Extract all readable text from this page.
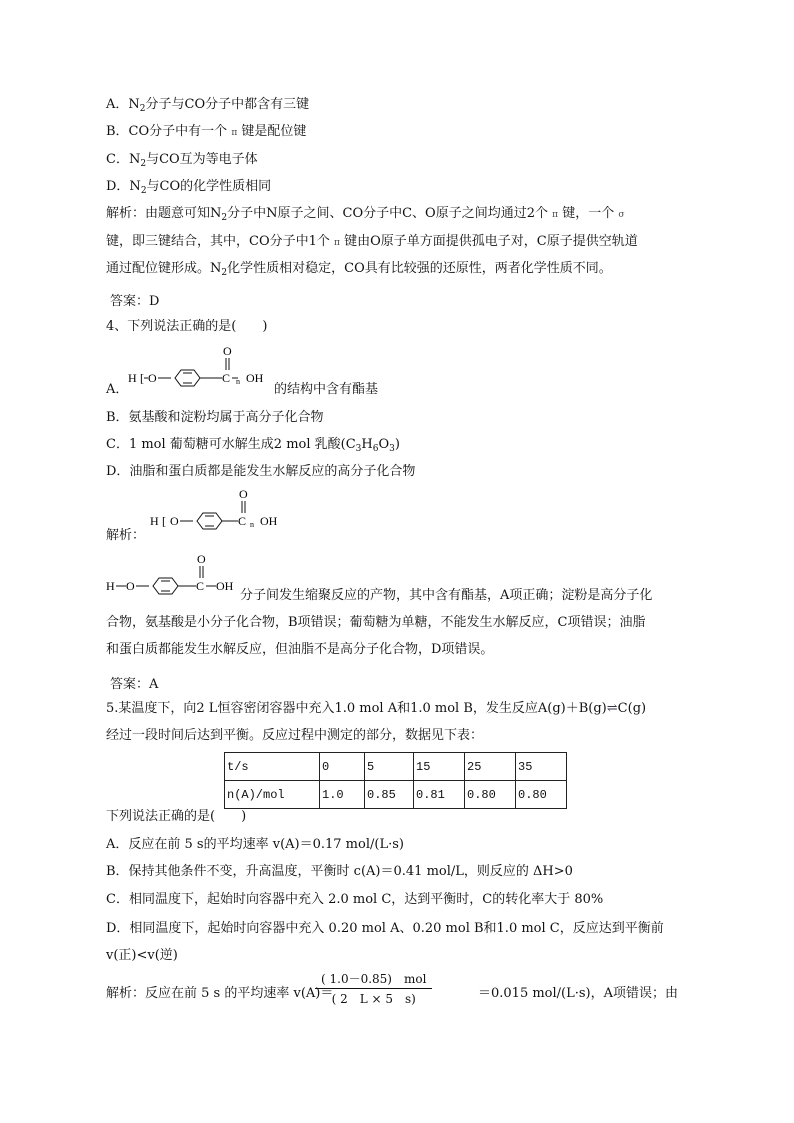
A．$N_2$分子与CO分子中都含有三键
B．CO分子中有一个 π 键是配位键
C．$N_2$与CO互为等电子体
D．$N_2$与CO的化学性质相同
解析：由题意可知$N_2$分子中N原子之间、CO分子中C、O原子之间均通过2个 π 键，一个 σ
键，即三键结合，其中，CO分子中1个 π 键由O原子单方面提供孤电子对，C原子提供空轨道
通过配位键形成。$N_2$化学性质相对稳定，CO具有比较强的还原性，两者化学性质不同。
答案：D
4、下列说法正确的是(　　)
A．
H [ O	C
O
n OH
的结构中含有酯基
B．氨基酸和淀粉均属于高分子化合物
C．1 mol 葡萄糖可水解生成2 mol 乳酸$(C_3H_6O_3)$
D．油脂和蛋白质都是能发生水解反应的高分子化合物
解析：
H [ O	C
O
n OH
H O	C
O
OH
分子间发生缩聚反应的产物，其中含有酯基，A项正确；淀粉是高分子化
合物，氨基酸是小分子化合物，B项错误；葡萄糖为单糖，不能发生水解反应，C项错误；油脂
和蛋白质都能发生水解反应，但油脂不是高分子化合物，D项错误。
答案：A
5.某温度下，向2 L恒容密闭容器中充入1.0 mol A和1.0 mol B，发生反应A(g)＋B(g)⇌C(g)
经过一段时间后达到平衡。反应过程中测定的部分，数据见下表：
t/s	0	5	15	25	35
n(A)/mol	1.0	0.85	0.81	0.80	0.80
下列说法正确的是(　　)
A．反应在前 5 s的平均速率 v(A)＝0.17 mol/(L·s)
B．保持其他条件不变，升高温度，平衡时 c(A)＝0.41 mol/L，则反应的 ΔH>0
C．相同温度下，起始时向容器中充入 2.0 mol C，达到平衡时，C的转化率大于 80%
D．相同温度下，起始时向容器中充入 0.20 mol A、0.20 mol B和1.0 mol C，反应达到平衡前
v(正)<v(逆)
解析：反应在前 5 s 的平均速率 v(A)＝
( 1.0－0.85)　mol
( 2　L × 5　s)	＝0.015 mol/(L·s)，A项错误；由
